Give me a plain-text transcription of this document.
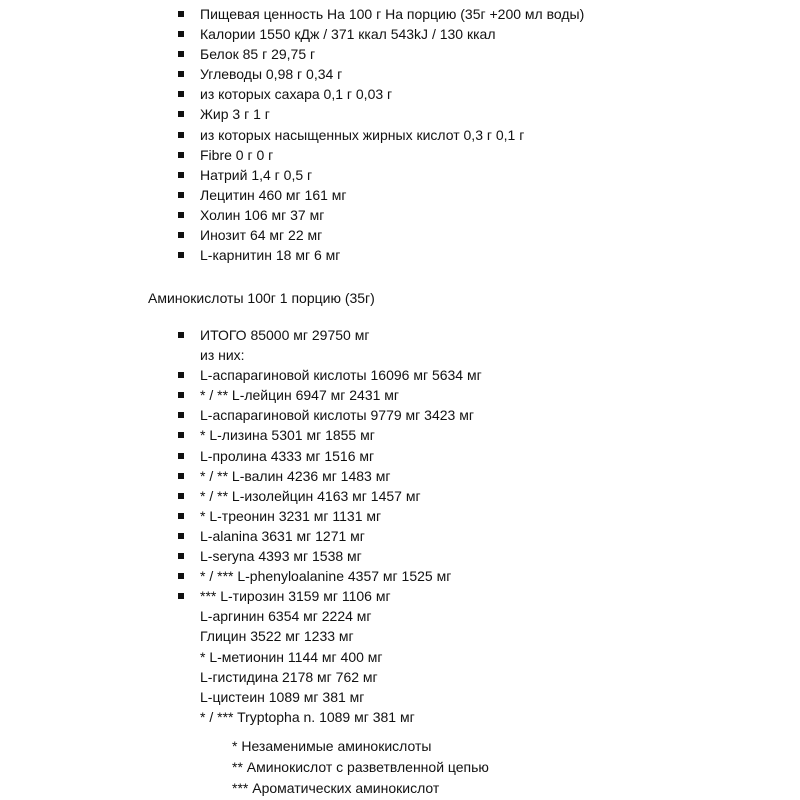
Пищевая ценность На 100 г На порцию (35г +200 мл воды)
Калории 1550 кДж / 371 ккал 543kJ / 130 ккал
Белок 85 г 29,75 г
Углеводы 0,98 г 0,34 г
из которых сахара 0,1 г 0,03 г
Жир 3 г 1 г
из которых насыщенных жирных кислот 0,3 г 0,1 г
Fibre 0 г 0 г
Натрий 1,4 г 0,5 г
Лецитин 460 мг 161 мг
Холин 106 мг 37 мг
Инозит 64 мг 22 мг
L-карнитин 18 мг 6 мг
Аминокислоты 100г 1 порцию (35г)
ИТОГО 85000 мг 29750 мг
из них:
L-аспарагиновой кислоты 16096 мг 5634 мг
* / ** L-лейцин 6947 мг 2431 мг
L-аспарагиновой кислоты 9779 мг 3423 мг
* L-лизина 5301 мг 1855 мг
L-пролина 4333 мг 1516 мг
* / ** L-валин 4236 мг 1483 мг
* / ** L-изолейцин 4163 мг 1457 мг
* L-треонин 3231 мг 1131 мг
L-alanina 3631 мг 1271 мг
L-seryna 4393 мг 1538 мг
* / *** L-phenyloalanine 4357 мг 1525 мг
*** L-тирозин 3159 мг 1106 мг
L-аргинин 6354 мг 2224 мг
Глицин 3522 мг 1233 мг
* L-метионин 1144 мг 400 мг
L-гистидина 2178 мг 762 мг
L-цистеин 1089 мг 381 мг
* / *** Tryptopha n. 1089 мг 381 мг
* Незаменимые аминокислоты
** Аминокислот с разветвленной цепью
*** Ароматических аминокислот
